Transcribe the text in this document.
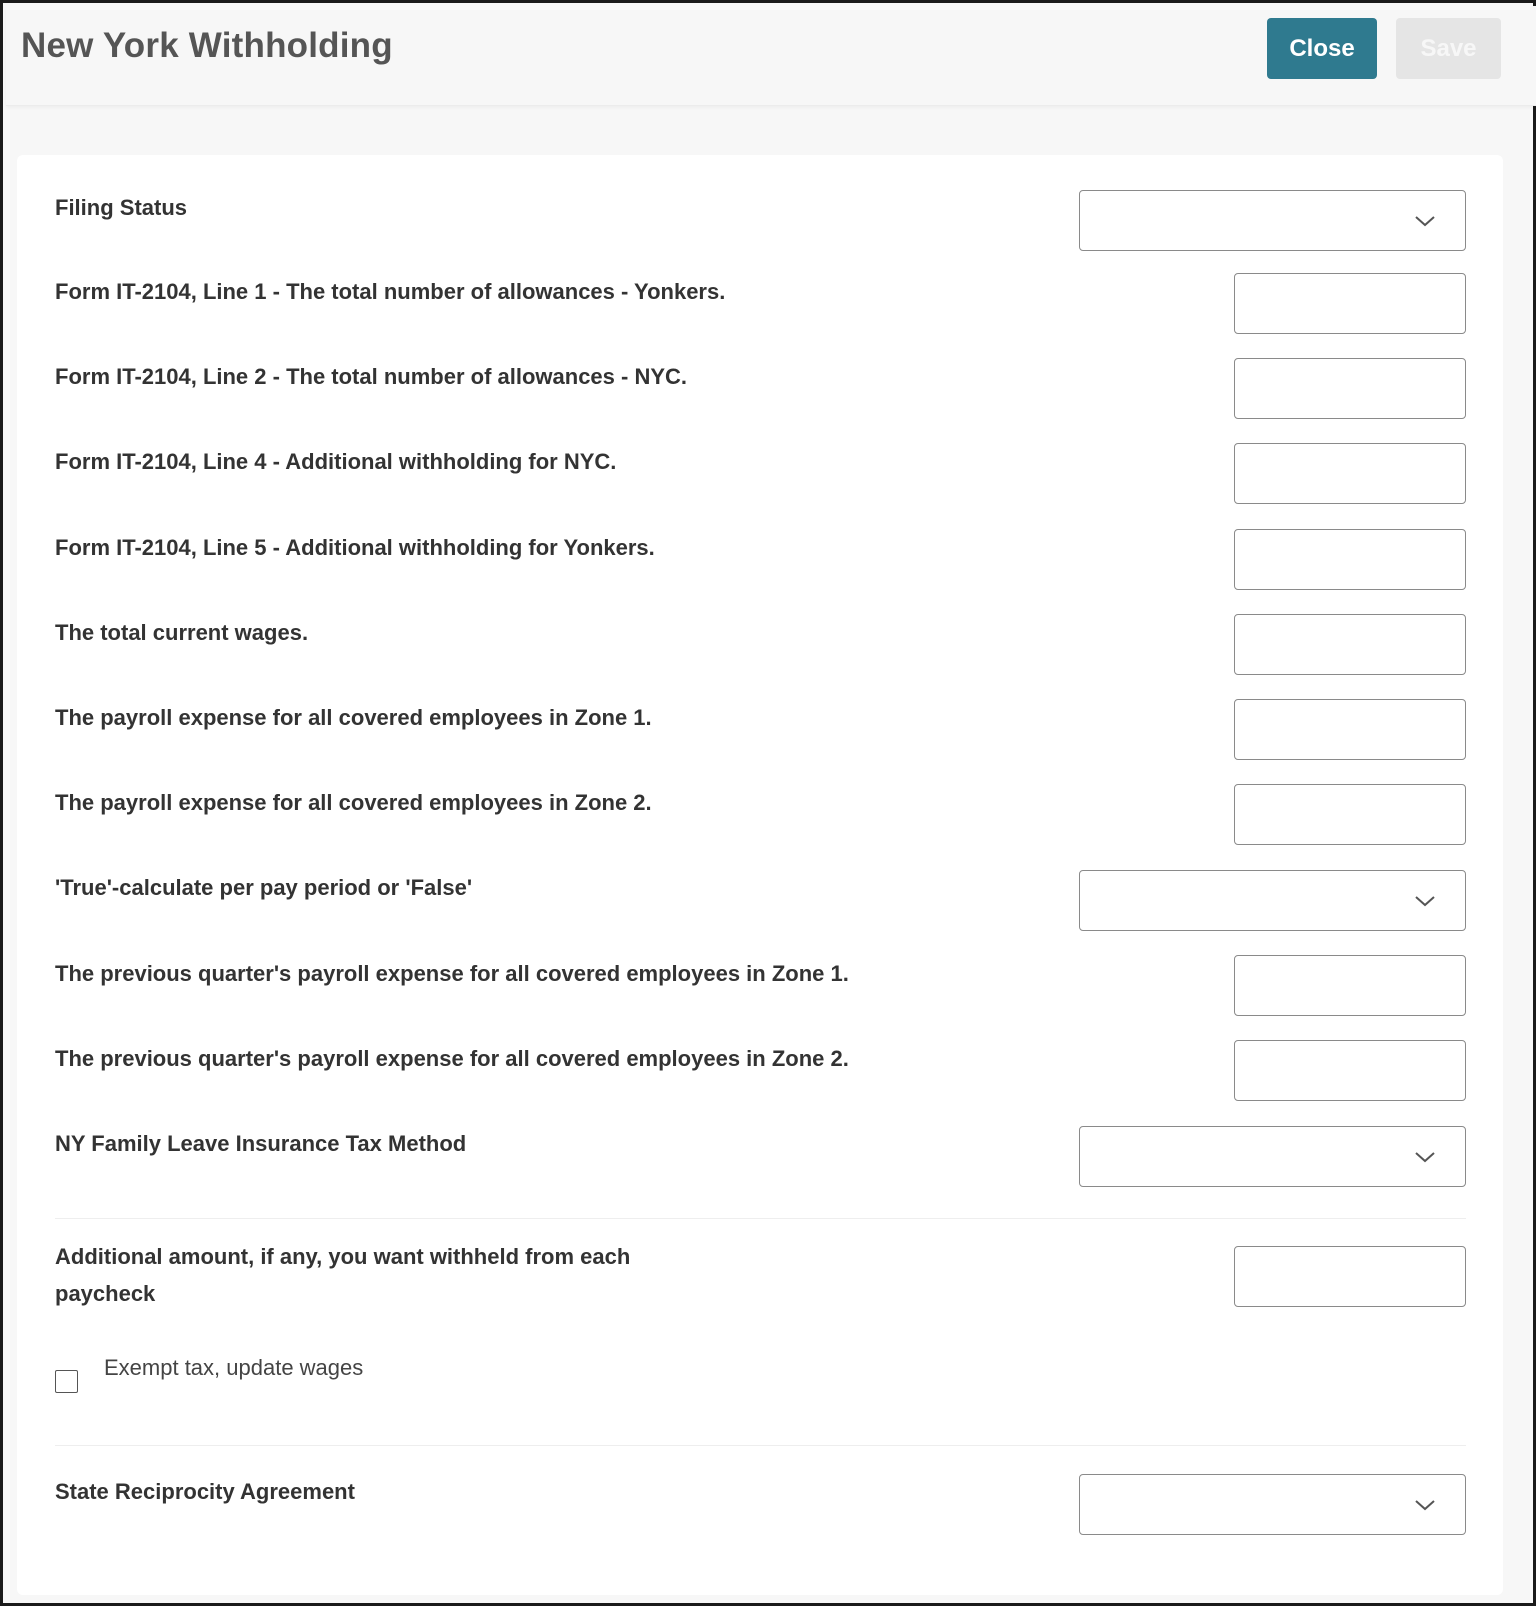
New York Withholding	Close	Save
Filing Status
Form IT-2104, Line 1 - The total number of allowances - Yonkers.
Form IT-2104, Line 2 - The total number of allowances - NYC.
Form IT-2104, Line 4 - Additional withholding for NYC.
Form IT-2104, Line 5 - Additional withholding for Yonkers.
The total current wages.
The payroll expense for all covered employees in Zone 1.
The payroll expense for all covered employees in Zone 2.
'True'-calculate per pay period or 'False'
The previous quarter's payroll expense for all covered employees in Zone 1.
The previous quarter's payroll expense for all covered employees in Zone 2.
NY Family Leave Insurance Tax Method
Additional amount, if any, you want withheld from each paycheck
Exempt tax, update wages
State Reciprocity Agreement
